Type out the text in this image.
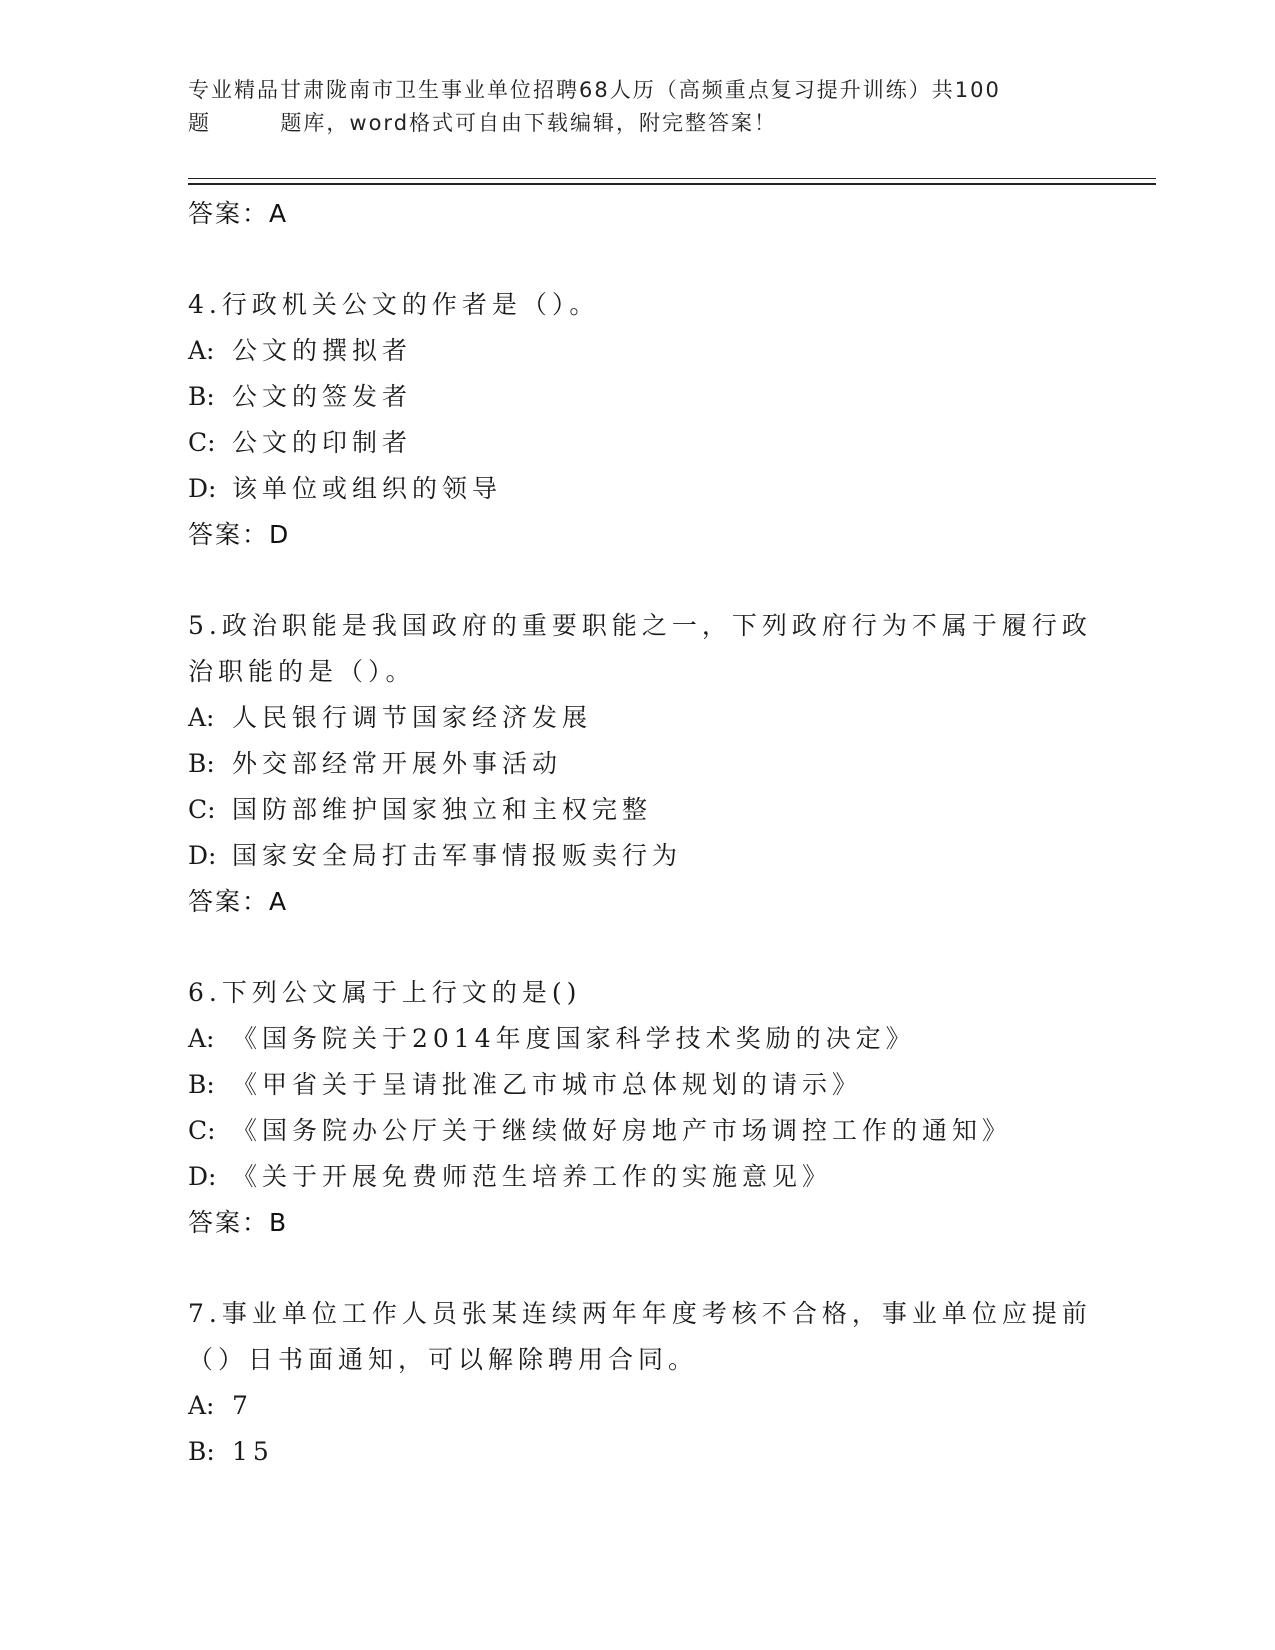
专业精品甘肃陇南市卫生事业单位招聘68人历（高频重点复习提升训练）共100
题        题库，word格式可自由下载编辑，附完整答案！
答案：A
4.行政机关公文的作者是（）。
A: 公文的撰拟者
B: 公文的签发者
C: 公文的印制者
D: 该单位或组织的领导
答案：D
5.政治职能是我国政府的重要职能之一，下列政府行为不属于履行政
治职能的是（）。
A: 人民银行调节国家经济发展
B: 外交部经常开展外事活动
C: 国防部维护国家独立和主权完整
D: 国家安全局打击军事情报贩卖行为
答案：A
6.下列公文属于上行文的是()
A: 《国务院关于2014年度国家科学技术奖励的决定》
B: 《甲省关于呈请批准乙市城市总体规划的请示》
C: 《国务院办公厅关于继续做好房地产市场调控工作的通知》
D: 《关于开展免费师范生培养工作的实施意见》
答案：B
7.事业单位工作人员张某连续两年年度考核不合格，事业单位应提前
（）日书面通知，可以解除聘用合同。
A: 7
B: 15
